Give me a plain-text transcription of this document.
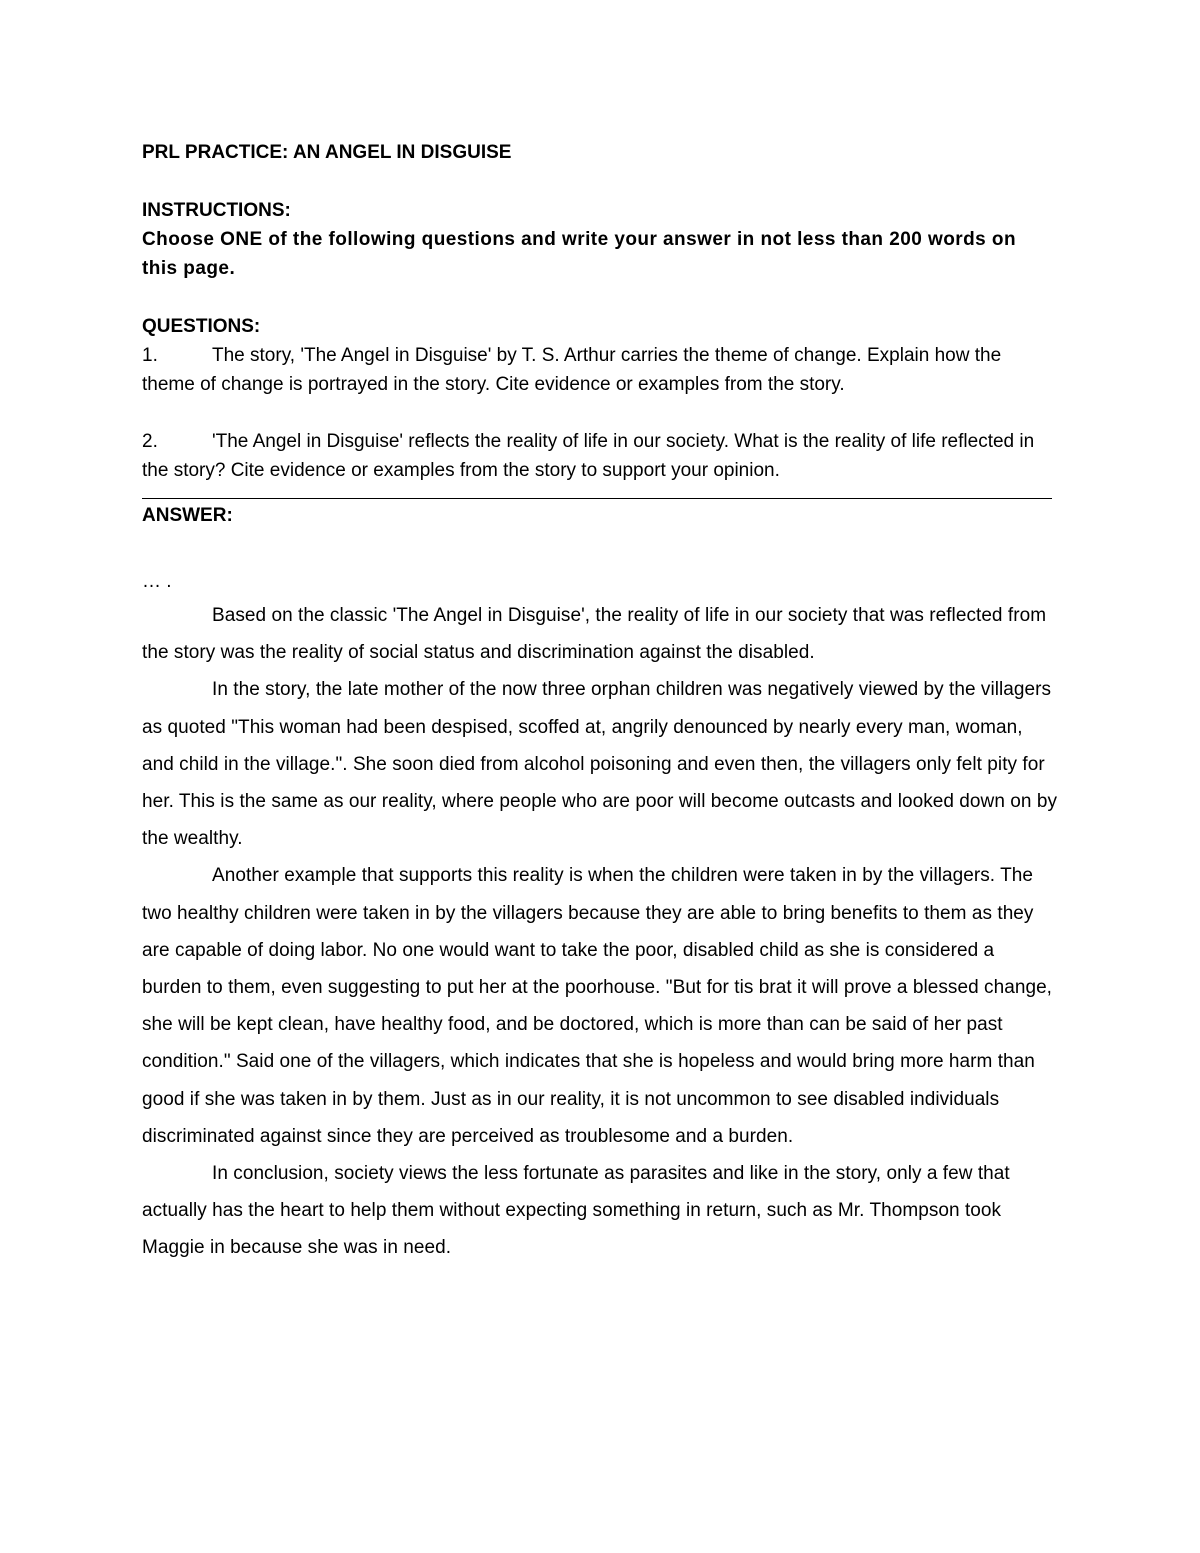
PRL PRACTICE: AN ANGEL IN DISGUISE
INSTRUCTIONS:

Choose ONE of the following questions and write your answer in not less than 200 words on this page.

QUESTIONS:

1.	The story, 'The Angel in Disguise' by T. S. Arthur carries the theme of change. Explain how the theme of change is portrayed in the story. Cite evidence or examples from the story.

2.	'The Angel in Disguise' reflects the reality of life in our society. What is the reality of life reflected in the story? Cite evidence or examples from the story to support your opinion.

ANSWER:

… .

Based on the classic 'The Angel in Disguise', the reality of life in our society that was reflected from the story was the reality of social status and discrimination against the disabled.

In the story, the late mother of the now three orphan children was negatively viewed by the villagers as quoted "This woman had been despised, scoffed at, angrily denounced by nearly every man, woman, and child in the village.". She soon died from alcohol poisoning and even then, the villagers only felt pity for her. This is the same as our reality, where people who are poor will become outcasts and looked down on by the wealthy.

Another example that supports this reality is when the children were taken in by the villagers. The two healthy children were taken in by the villagers because they are able to bring benefits to them as they are capable of doing labor. No one would want to take the poor, disabled child as she is considered a burden to them, even suggesting to put her at the poorhouse. "But for tis brat it will prove a blessed change, she will be kept clean, have healthy food, and be doctored, which is more than can be said of her past condition." Said one of the villagers, which indicates that she is hopeless and would bring more harm than good if she was taken in by them. Just as in our reality, it is not uncommon to see disabled individuals discriminated against since they are perceived as troublesome and a burden.

In conclusion, society views the less fortunate as parasites and like in the story, only a few that actually has the heart to help them without expecting something in return, such as Mr. Thompson took Maggie in because she was in need.
